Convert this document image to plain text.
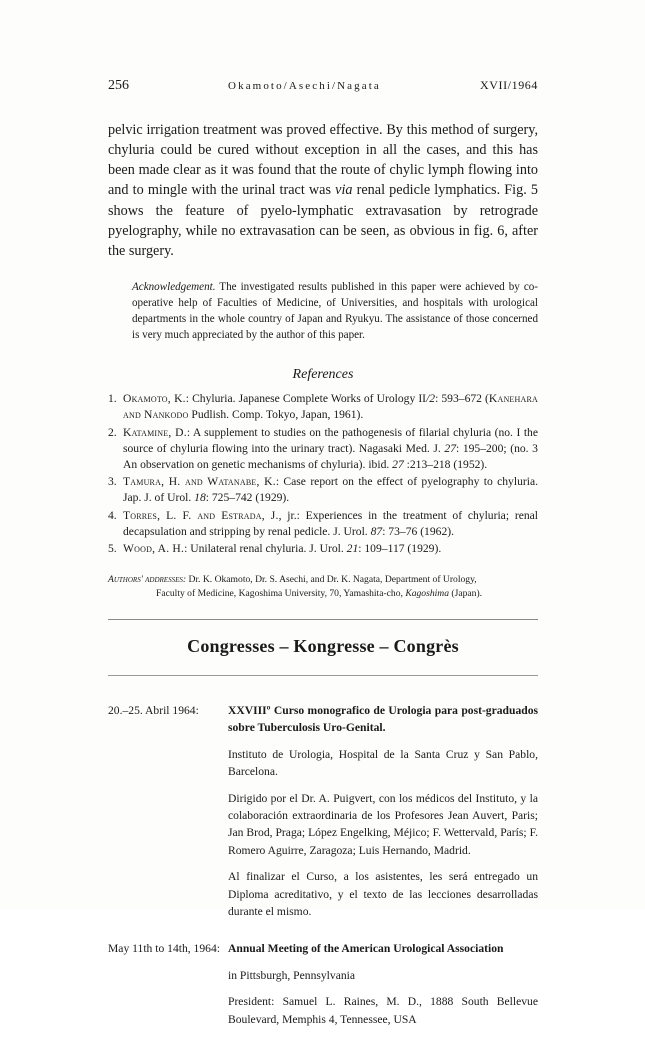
256	Okamoto/Asechi/Nagata	XVII/1964
pelvic irrigation treatment was proved effective. By this method of surgery, chyluria could be cured without exception in all the cases, and this has been made clear as it was found that the route of chylic lymph flowing into and to mingle with the urinal tract was via renal pedicle lymphatics. Fig. 5 shows the feature of pyelo-lymphatic extravasation by retrograde pyelography, while no extravasation can be seen, as obvious in fig. 6, after the surgery.
Acknowledgement. The investigated results published in this paper were achieved by co-operative help of Faculties of Medicine, of Universities, and hospitals with urological departments in the whole country of Japan and Ryukyu. The assistance of those concerned is very much appreciated by the author of this paper.
References
1. Okamoto, K.: Chyluria. Japanese Complete Works of Urology II/2: 593–672 (Kanehara and Nankodo Pudlish. Comp. Tokyo, Japan, 1961).
2. Katamine, D.: A supplement to studies on the pathogenesis of filarial chyluria (no. I the source of chyluria flowing into the urinary tract). Nagasaki Med. J. 27: 195–200; (no. 3 An observation on genetic mechanisms of chyluria). ibid. 27 :213–218 (1952).
3. Tamura, H. and Watanabe, K.: Case report on the effect of pyelography to chyluria. Jap. J. of Urol. 18: 725–742 (1929).
4. Torres, L. F. and Estrada, J., jr.: Experiences in the treatment of chyluria; renal decapsulation and stripping by renal pedicle. J. Urol. 87: 73–76 (1962).
5. Wood, A. H.: Unilateral renal chyluria. J. Urol. 21: 109–117 (1929).
Authors' addresses: Dr. K. Okamoto, Dr. S. Asechi, and Dr. K. Nagata, Department of Urology,
Faculty of Medicine, Kagoshima University, 70, Yamashita-cho, Kagoshima (Japan).
Congresses – Kongresse – Congrès
20.–25. Abril 1964:	XXVIIIº Curso monografico de Urologia para post-graduados sobre Tuberculosis Uro-Genital.

Instituto de Urologia, Hospital de la Santa Cruz y San Pablo, Barcelona.

Dirigido por el Dr. A. Puigvert, con los médicos del Instituto, y la colaboración extraordinaria de los Profesores Jean Auvert, Paris; Jan Brod, Praga; López Engelking, Méjico; F. Wettervald, París; F. Romero Aguirre, Zaragoza; Luis Hernando, Madrid.

Al finalizar el Curso, a los asistentes, les será entregado un Diploma acreditativo, y el texto de las lecciones desarrolladas durante el mismo.

May 11th to 14th, 1964: Annual Meeting of the American Urological Association

in Pittsburgh, Pennsylvania

President: Samuel L. Raines, M. D., 1888 South Bellevue Boulevard, Memphis 4, Tennessee, USA
